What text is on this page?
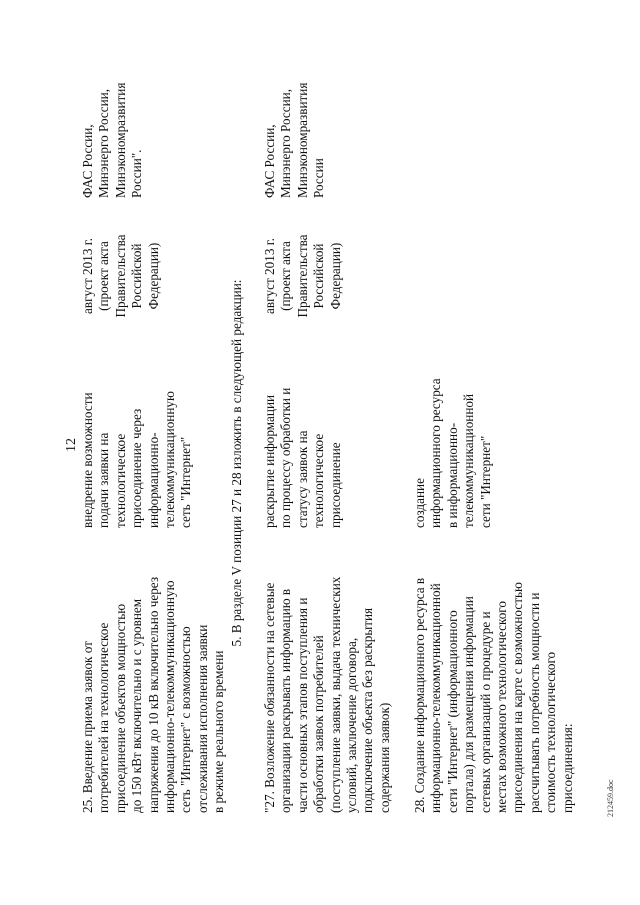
12
25. Введение приема заявок от потребителей на технологическое присоединение объектов мощностью до 150 кВт включительно и с уровнем напряжения до 10 кВ включительно через информационно-телекоммуникационную сеть "Интернет" с возможностью отслеживания исполнения заявки в режиме реального времени
внедрение возможности подачи заявки на технологическое присоединение через информационно- телекоммуникационную сеть "Интернет"
август 2013 г. (проект акта Правительства Российской Федерации)
ФАС России, Минэнерго России, Минэкономразвития России".
5. В разделе V позиции 27 и 28 изложить в следующей редакции:
"27. Возложение обязанности на сетевые организации раскрывать информацию в части основных этапов поступления и обработки заявок потребителей (поступление заявки, выдача технических условий, заключение договора, подключение объекта без раскрытия содержания заявок)
раскрытие информации по процессу обработки и статусу заявок на технологическое присоединение
август 2013 г. (проект акта Правительства Российской Федерации)
ФАС России, Минэнерго России, Минэкономразвития России
28. Создание информационного ресурса в информационно-телекоммуникационной сети "Интернет" (информационного портала) для размещения информации сетевых организаций о процедуре и местах возможного технологического присоединения на карте с возможностью рассчитывать потребность мощности и стоимость технологического присоединения:
создание информационного ресурса в информационно- телекоммуникационной сети "Интернет"
212459.doc
